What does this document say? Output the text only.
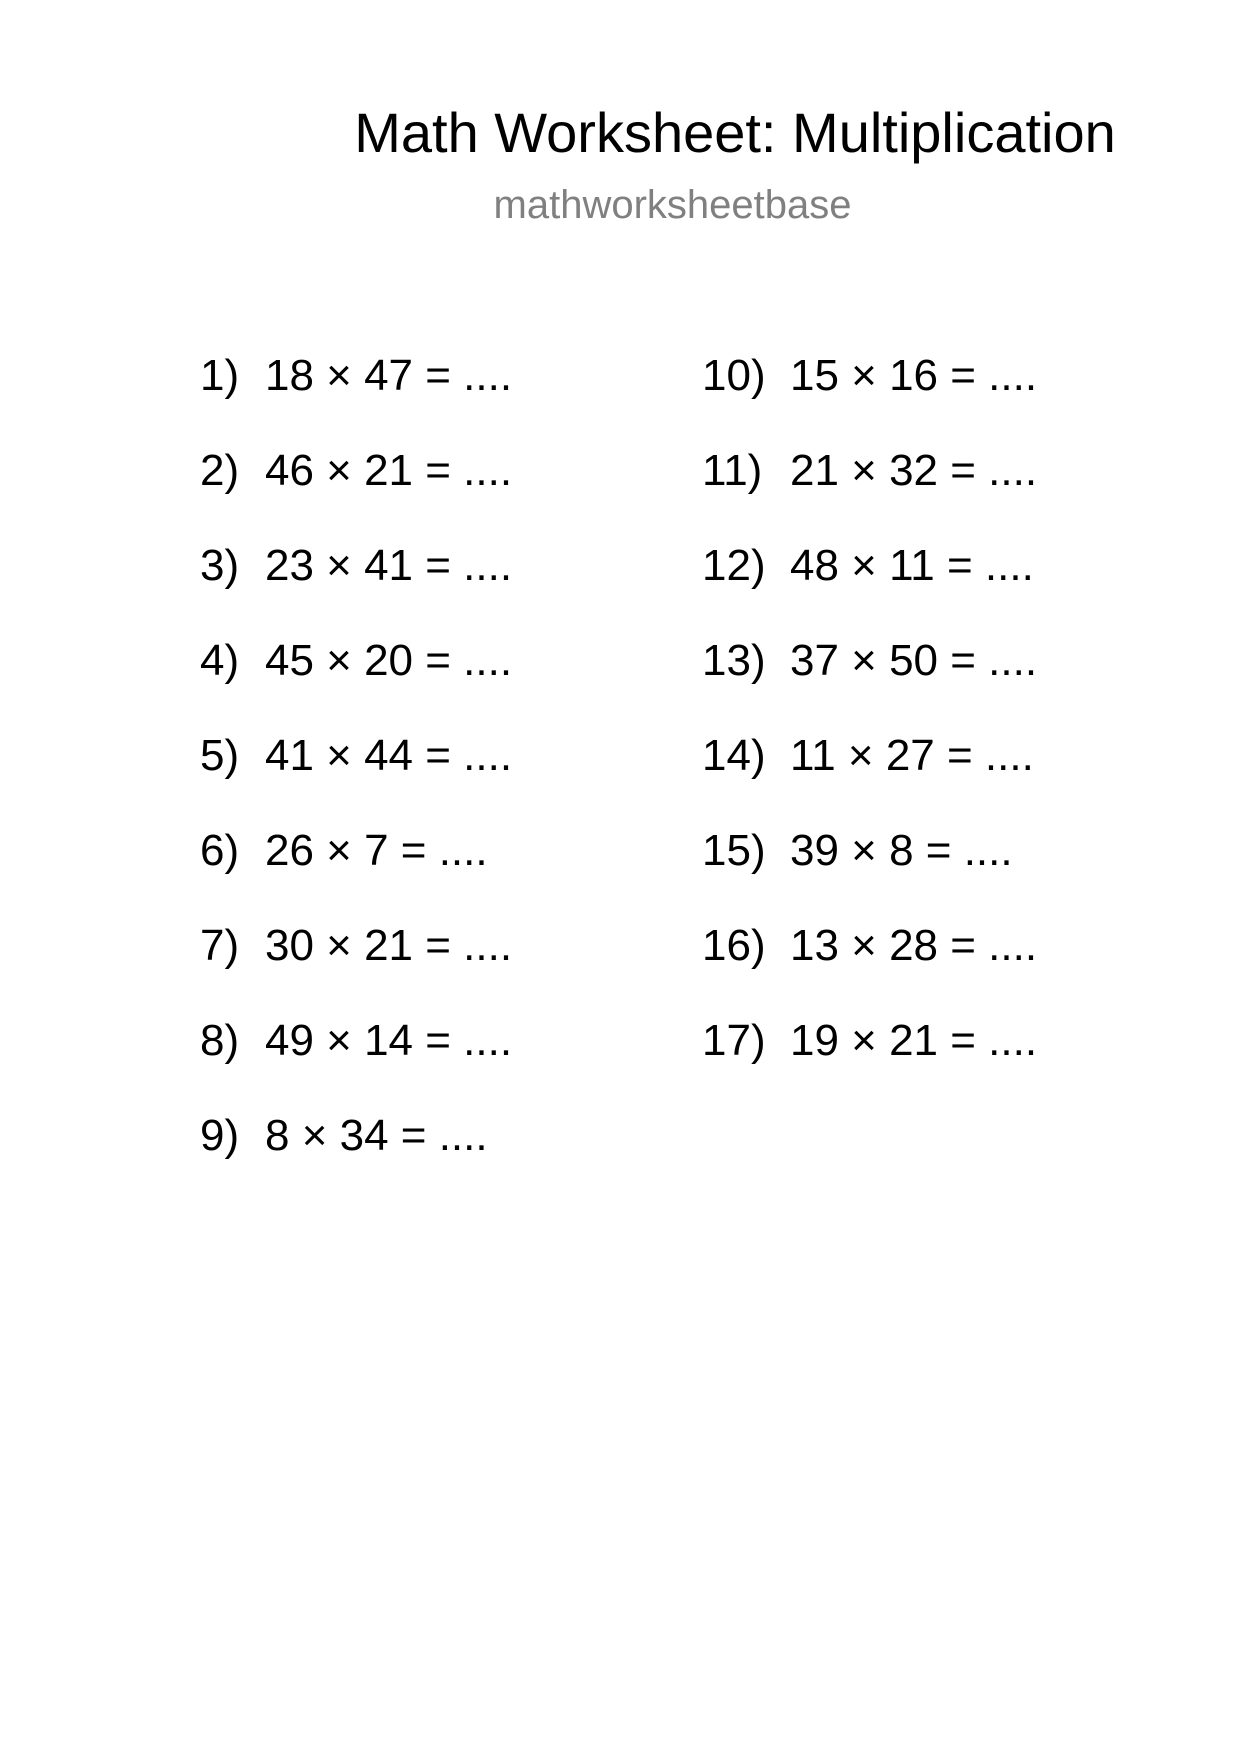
Math Worksheet: Multiplication
mathworksheetbase
1) 18 × 47 = ....
2) 46 × 21 = ....
3) 23 × 41 = ....
4) 45 × 20 = ....
5) 41 × 44 = ....
6) 26 × 7 = ....
7) 30 × 21 = ....
8) 49 × 14 = ....
9) 8 × 34 = ....
10) 15 × 16 = ....
11) 21 × 32 = ....
12) 48 × 11 = ....
13) 37 × 50 = ....
14) 11 × 27 = ....
15) 39 × 8 = ....
16) 13 × 28 = ....
17) 19 × 21 = ....
